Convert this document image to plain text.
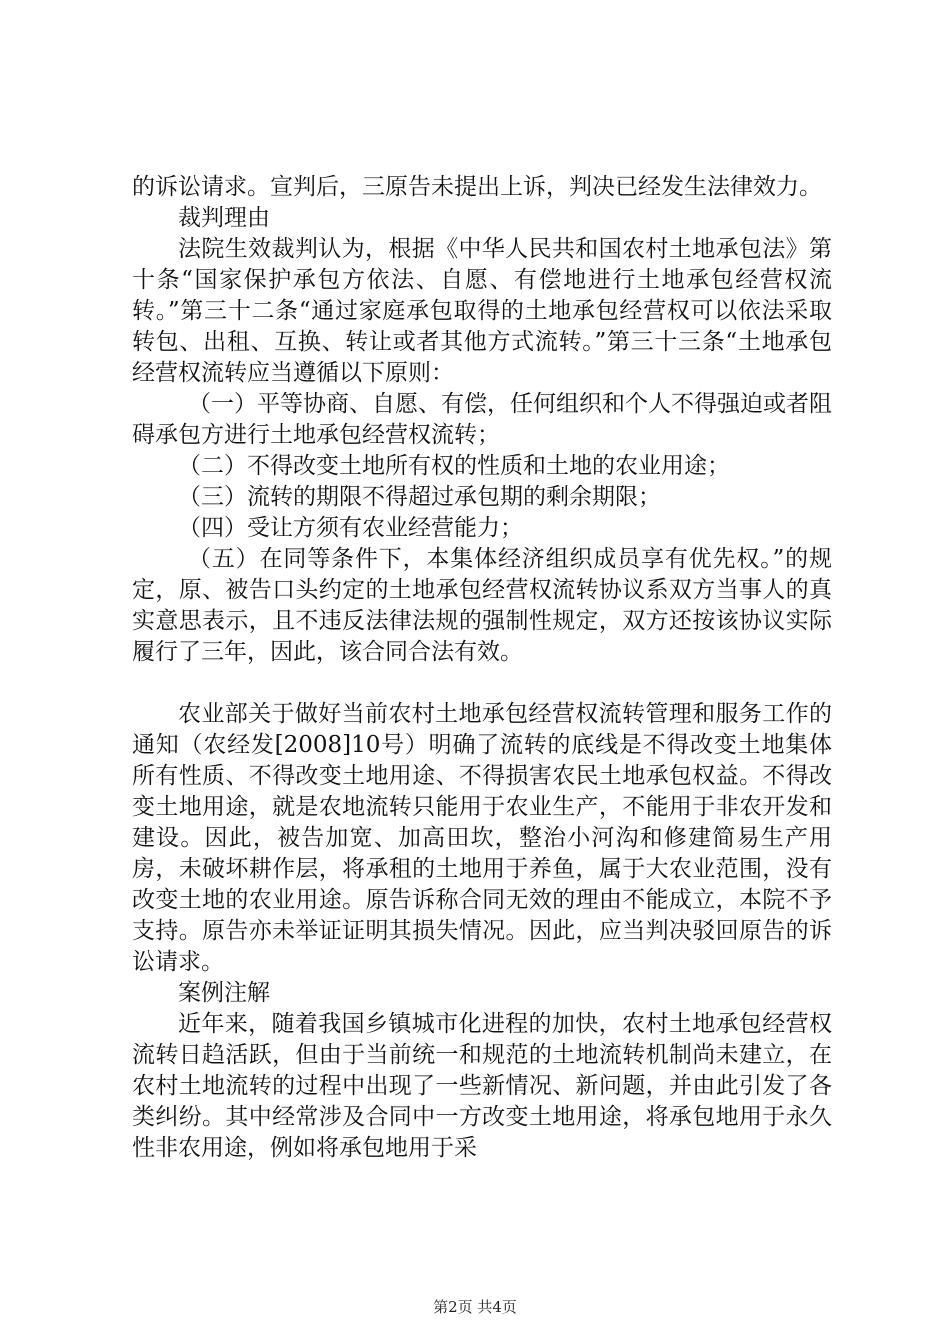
的诉讼请求。宣判后，三原告未提出上诉，判决已经发生法律效力。

裁判理由

法院生效裁判认为，根据《中华人民共和国农村土地承包法》第十条“国家保护承包方依法、自愿、有偿地进行土地承包经营权流转。”第三十二条“通过家庭承包取得的土地承包经营权可以依法采取转包、出租、互换、转让或者其他方式流转。”第三十三条“土地承包经营权流转应当遵循以下原则：

（一）平等协商、自愿、有偿，任何组织和个人不得强迫或者阻碍承包方进行土地承包经营权流转；

（二）不得改变土地所有权的性质和土地的农业用途；

（三）流转的期限不得超过承包期的剩余期限；

（四）受让方须有农业经营能力；

（五）在同等条件下，本集体经济组织成员享有优先权。”的规定，原、被告口头约定的土地承包经营权流转协议系双方当事人的真实意思表示，且不违反法律法规的强制性规定，双方还按该协议实际履行了三年，因此，该合同合法有效。

农业部关于做好当前农村土地承包经营权流转管理和服务工作的通知（农经发[2008]10号）明确了流转的底线是不得改变土地集体所有性质、不得改变土地用途、不得损害农民土地承包权益。不得改变土地用途，就是农地流转只能用于农业生产，不能用于非农开发和建设。因此，被告加宽、加高田坎，整治小河沟和修建简易生产用房，未破坏耕作层，将承租的土地用于养鱼，属于大农业范围，没有改变土地的农业用途。原告诉称合同无效的理由不能成立，本院不予支持。原告亦未举证证明其损失情况。因此，应当判决驳回原告的诉讼请求。

案例注解

近年来，随着我国乡镇城市化进程的加快，农村土地承包经营权流转日趋活跃，但由于当前统一和规范的土地流转机制尚未建立，在农村土地流转的过程中出现了一些新情况、新问题，并由此引发了各类纠纷。其中经常涉及合同中一方改变土地用途，将承包地用于永久性非农用途，例如将承包地用于采

第2页 共4页
